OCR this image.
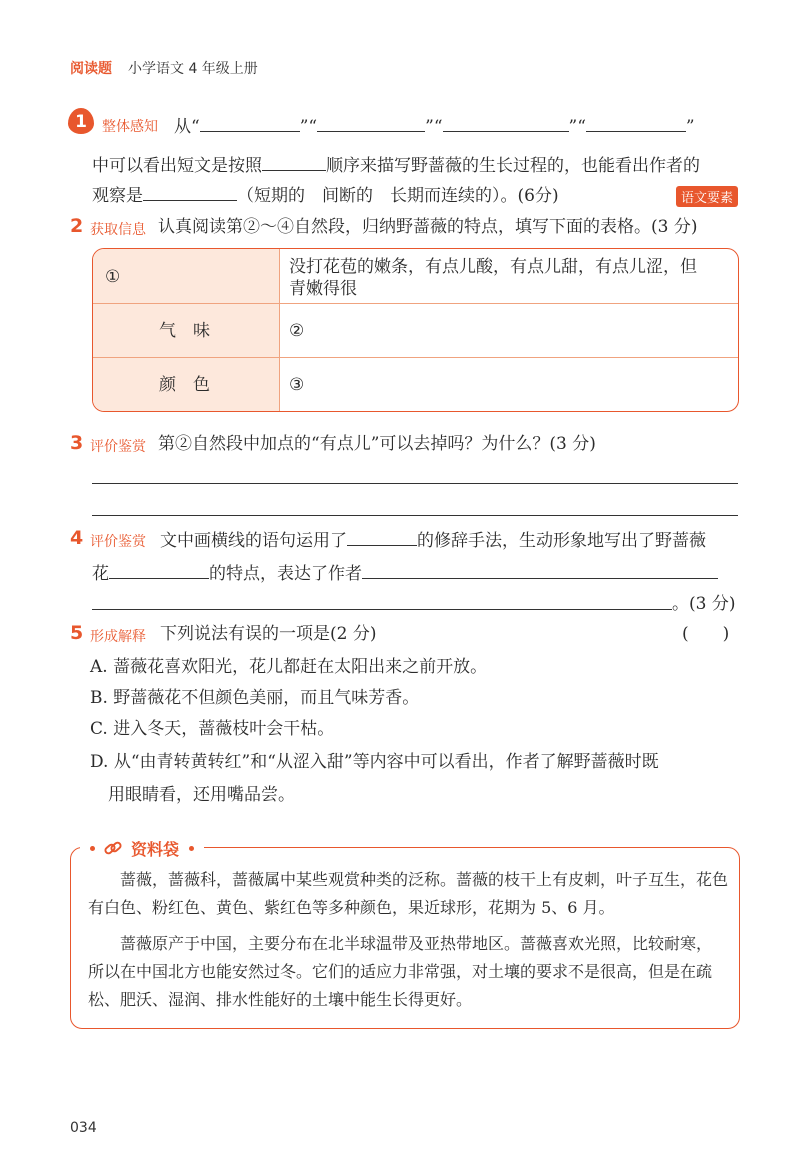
阅读题 小学语文 4 年级上册
1	整体感知 从“	”“	”“	”“	”
中可以看出短文是按照	顺序来描写野蔷薇的生长过程的，也能看出作者的
观察是	（短期的　间断的　长期而连续的）。(6分)	语文要素
2 获取信息 认真阅读第②～④自然段，归纳野蔷薇的特点，填写下面的表格。(3 分)
①	没打花苞的嫩条，有点儿酸，有点儿甜，有点儿涩，但
青嫩得很
气　味	②
颜　色	③
3 评价鉴赏 第②自然段中加点的“有点儿”可以去掉吗？为什么？(3 分)
4 评价鉴赏 文中画横线的语句运用了	的修辞手法，生动形象地写出了野蔷薇
花	的特点，表达了作者
。(3 分)
5 形成解释 下列说法有误的一项是(2 分)	(　　)
A. 蔷薇花喜欢阳光，花儿都赶在太阳出来之前开放。
B. 野蔷薇花不但颜色美丽，而且气味芳香。
C. 进入冬天，蔷薇枝叶会干枯。
D. 从“由青转黄转红”和“从涩入甜”等内容中可以看出，作者了解野蔷薇时既
用眼睛看，还用嘴品尝。
资料袋
蔷薇，蔷薇科，蔷薇属中某些观赏种类的泛称。蔷薇的枝干上有皮刺，叶子互生，花色
有白色、粉红色、黄色、紫红色等多种颜色，果近球形，花期为 5、6 月。
蔷薇原产于中国，主要分布在北半球温带及亚热带地区。蔷薇喜欢光照，比较耐寒，
所以在中国北方也能安然过冬。它们的适应力非常强，对土壤的要求不是很高，但是在疏
松、肥沃、湿润、排水性能好的土壤中能生长得更好。
034
